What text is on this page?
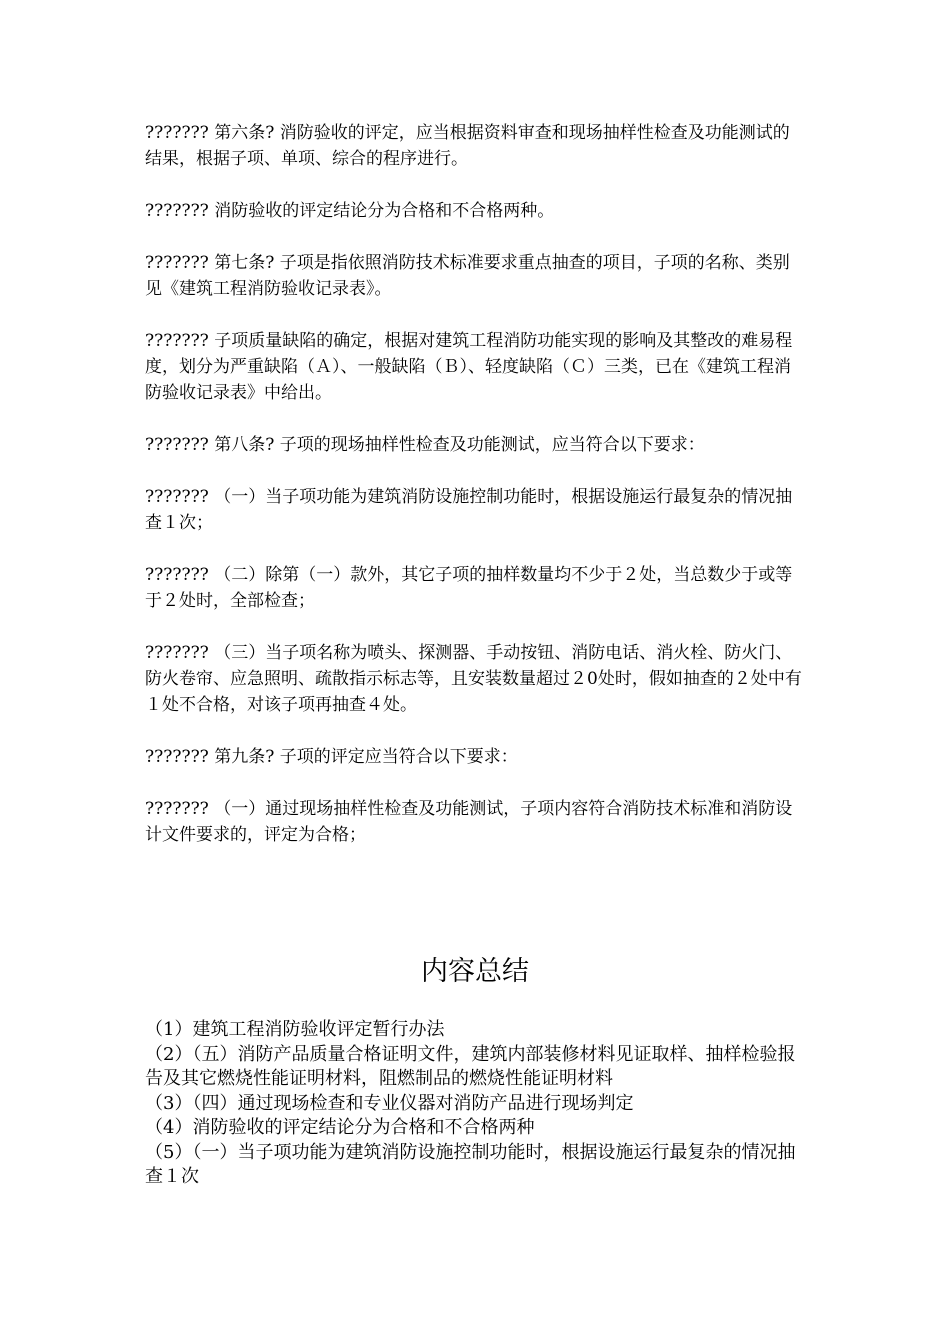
??????? 第六条? 消防验收的评定，应当根据资料审查和现场抽样性检查及功能测试的结果，根据子项、单项、综合的程序进行。

??????? 消防验收的评定结论分为合格和不合格两种。

??????? 第七条? 子项是指依照消防技术标准要求重点抽查的项目，子项的名称、类别见《建筑工程消防验收记录表》。

??????? 子项质量缺陷的确定，根据对建筑工程消防功能实现的影响及其整改的难易程度，划分为严重缺陷（Ａ）、一般缺陷（Ｂ）、轻度缺陷（Ｃ）三类，已在《建筑工程消防验收记录表》中给出。

??????? 第八条? 子项的现场抽样性检查及功能测试，应当符合以下要求：

??????? （一）当子项功能为建筑消防设施控制功能时，根据设施运行最复杂的情况抽查１次；

??????? （二）除第（一）款外，其它子项的抽样数量均不少于２处，当总数少于或等于２处时，全部检查；

??????? （三）当子项名称为喷头、探测器、手动按钮、消防电话、消火栓、防火门、防火卷帘、应急照明、疏散指示标志等，且安装数量超过２0处时，假如抽查的２处中有１处不合格，对该子项再抽查４处。

??????? 第九条? 子项的评定应当符合以下要求：

??????? （一）通过现场抽样性检查及功能测试，子项内容符合消防技术标准和消防设计文件要求的，评定为合格；

内容总结

（1）建筑工程消防验收评定暂行办法

（2）（五）消防产品质量合格证明文件，建筑内部装修材料见证取样、抽样检验报告及其它燃烧性能证明材料，阻燃制品的燃烧性能证明材料

（3）（四）通过现场检查和专业仪器对消防产品进行现场判定

（4）消防验收的评定结论分为合格和不合格两种

（5）（一）当子项功能为建筑消防设施控制功能时，根据设施运行最复杂的情况抽查１次
